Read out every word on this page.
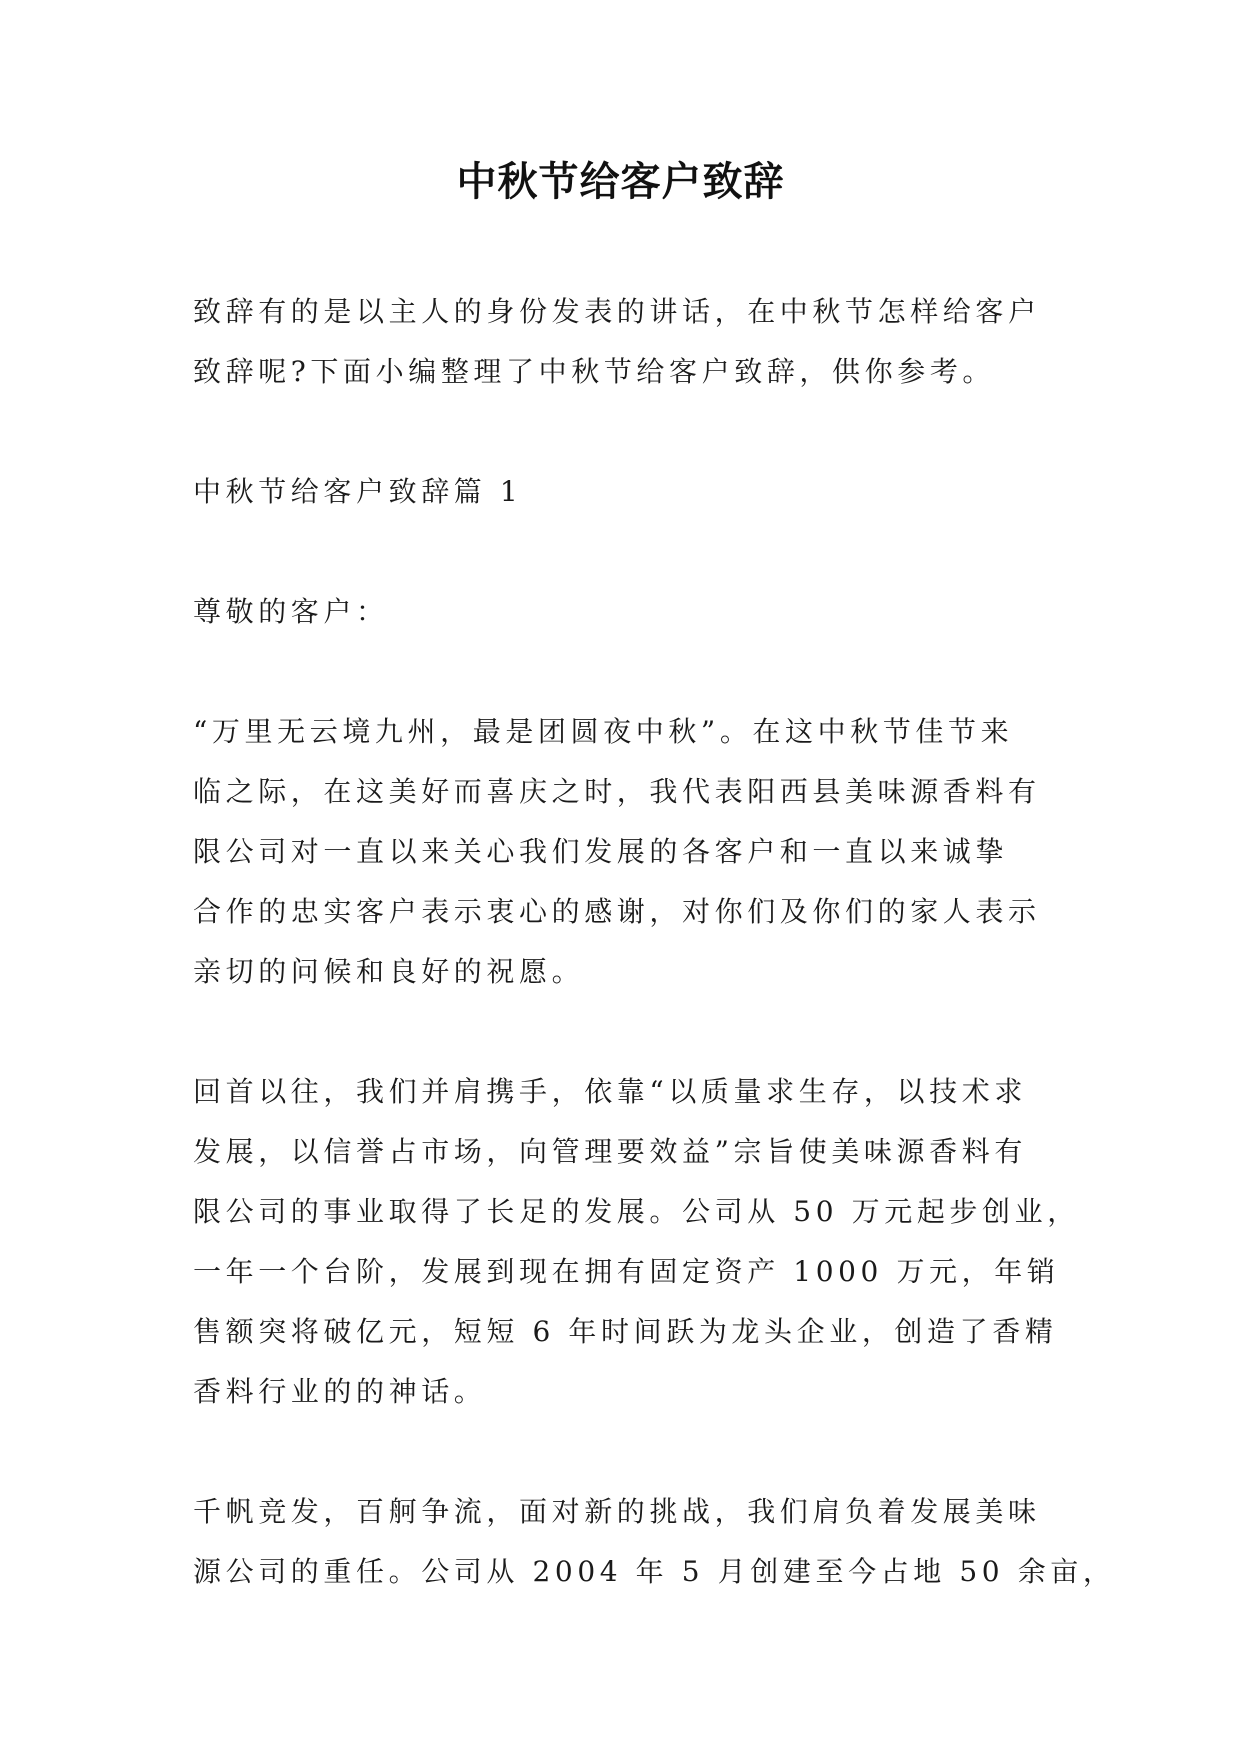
中秋节给客户致辞

致辞有的是以主人的身份发表的讲话，在中秋节怎样给客户
致辞呢?下面小编整理了中秋节给客户致辞，供你参考。

中秋节给客户致辞篇 1

尊敬的客户：

“万里无云境九州，最是团圆夜中秋”。在这中秋节佳节来
临之际，在这美好而喜庆之时，我代表阳西县美味源香料有
限公司对一直以来关心我们发展的各客户和一直以来诚挚
合作的忠实客户表示衷心的感谢，对你们及你们的家人表示
亲切的问候和良好的祝愿。

回首以往，我们并肩携手，依靠“以质量求生存，以技术求
发展，以信誉占市场，向管理要效益”宗旨使美味源香料有
限公司的事业取得了长足的发展。公司从 50 万元起步创业，
一年一个台阶，发展到现在拥有固定资产 1000 万元，年销
售额突将破亿元，短短 6 年时间跃为龙头企业，创造了香精
香料行业的的神话。

千帆竞发，百舸争流，面对新的挑战，我们肩负着发展美味
源公司的重任。公司从 2004 年 5 月创建至今占地 50 余亩，
